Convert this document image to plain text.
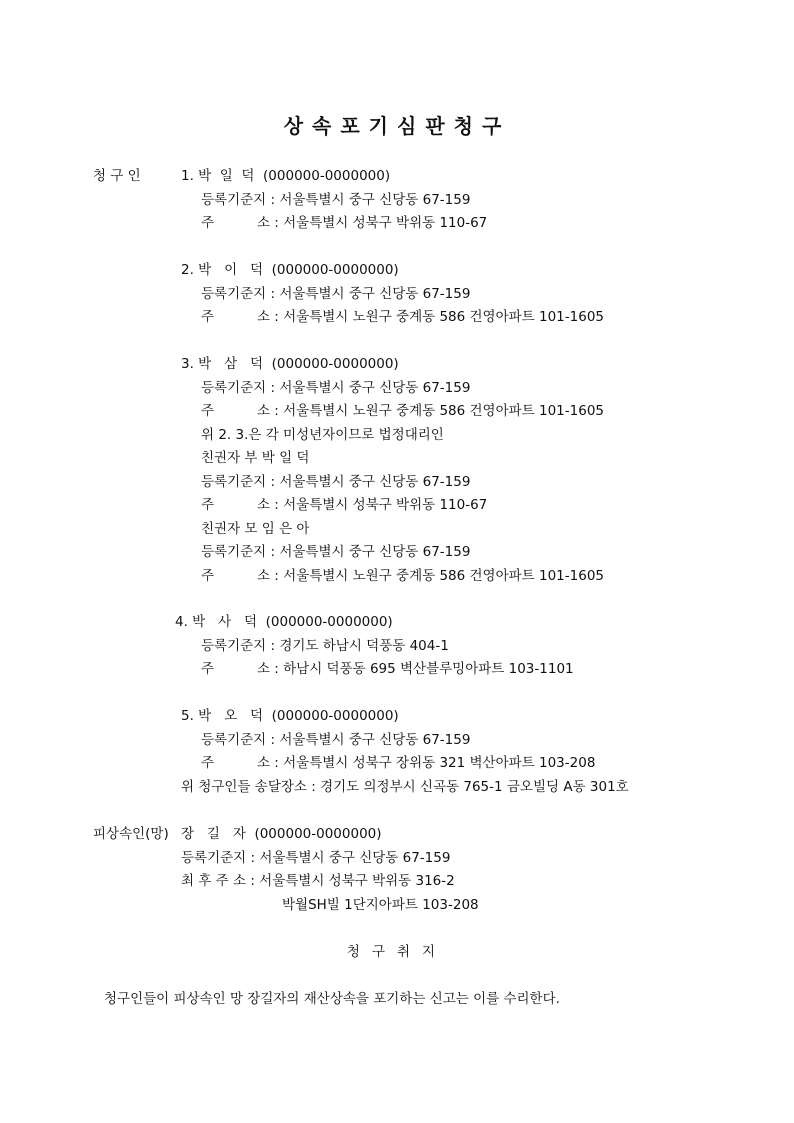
상속포기심판청구
청 구 인	1. 박  일  덕  (000000-0000000)
등록기준지 : 서울특별시 중구 신당동 67-159
주          소 : 서울특별시 성북구 박위동 110-67
2. 박   이   덕  (000000-0000000)
등록기준지 : 서울특별시 중구 신당동 67-159
주          소 : 서울특별시 노원구 중계동 586 건영아파트 101-1605
3. 박   삼   덕  (000000-0000000)
등록기준지 : 서울특별시 중구 신당동 67-159
주          소 : 서울특별시 노원구 중계동 586 건영아파트 101-1605
위 2. 3.은 각 미성년자이므로 법정대리인
친권자 부 박 일 덕
등록기준지 : 서울특별시 중구 신당동 67-159
주          소 : 서울특별시 성북구 박위동 110-67
친권자 모 임 은 아
등록기준지 : 서울특별시 중구 신당동 67-159
주          소 : 서울특별시 노원구 중계동 586 건영아파트 101-1605
4. 박   사   덕  (000000-0000000)
등록기준지 : 경기도 하남시 덕풍동 404-1
주          소 : 하남시 덕풍동 695 벽산블루밍아파트 103-1101
5. 박   오   덕  (000000-0000000)
등록기준지 : 서울특별시 중구 신당동 67-159
주          소 : 서울특별시 성북구 장위동 321 벽산아파트 103-208
위 청구인들 송달장소 : 경기도 의정부시 신곡동 765-1 금오빌딩 A동 301호
피상속인(망) 장   길   자  (000000-0000000)
등록기준지 : 서울특별시 중구 신당동 67-159
최 후 주 소 : 서울특별시 성북구 박위동 316-2
박월SH빌 1단지아파트 103-208
청구취지
청구인들이 피상속인 망 장길자의 재산상속을 포기하는 신고는 이를 수리한다.
